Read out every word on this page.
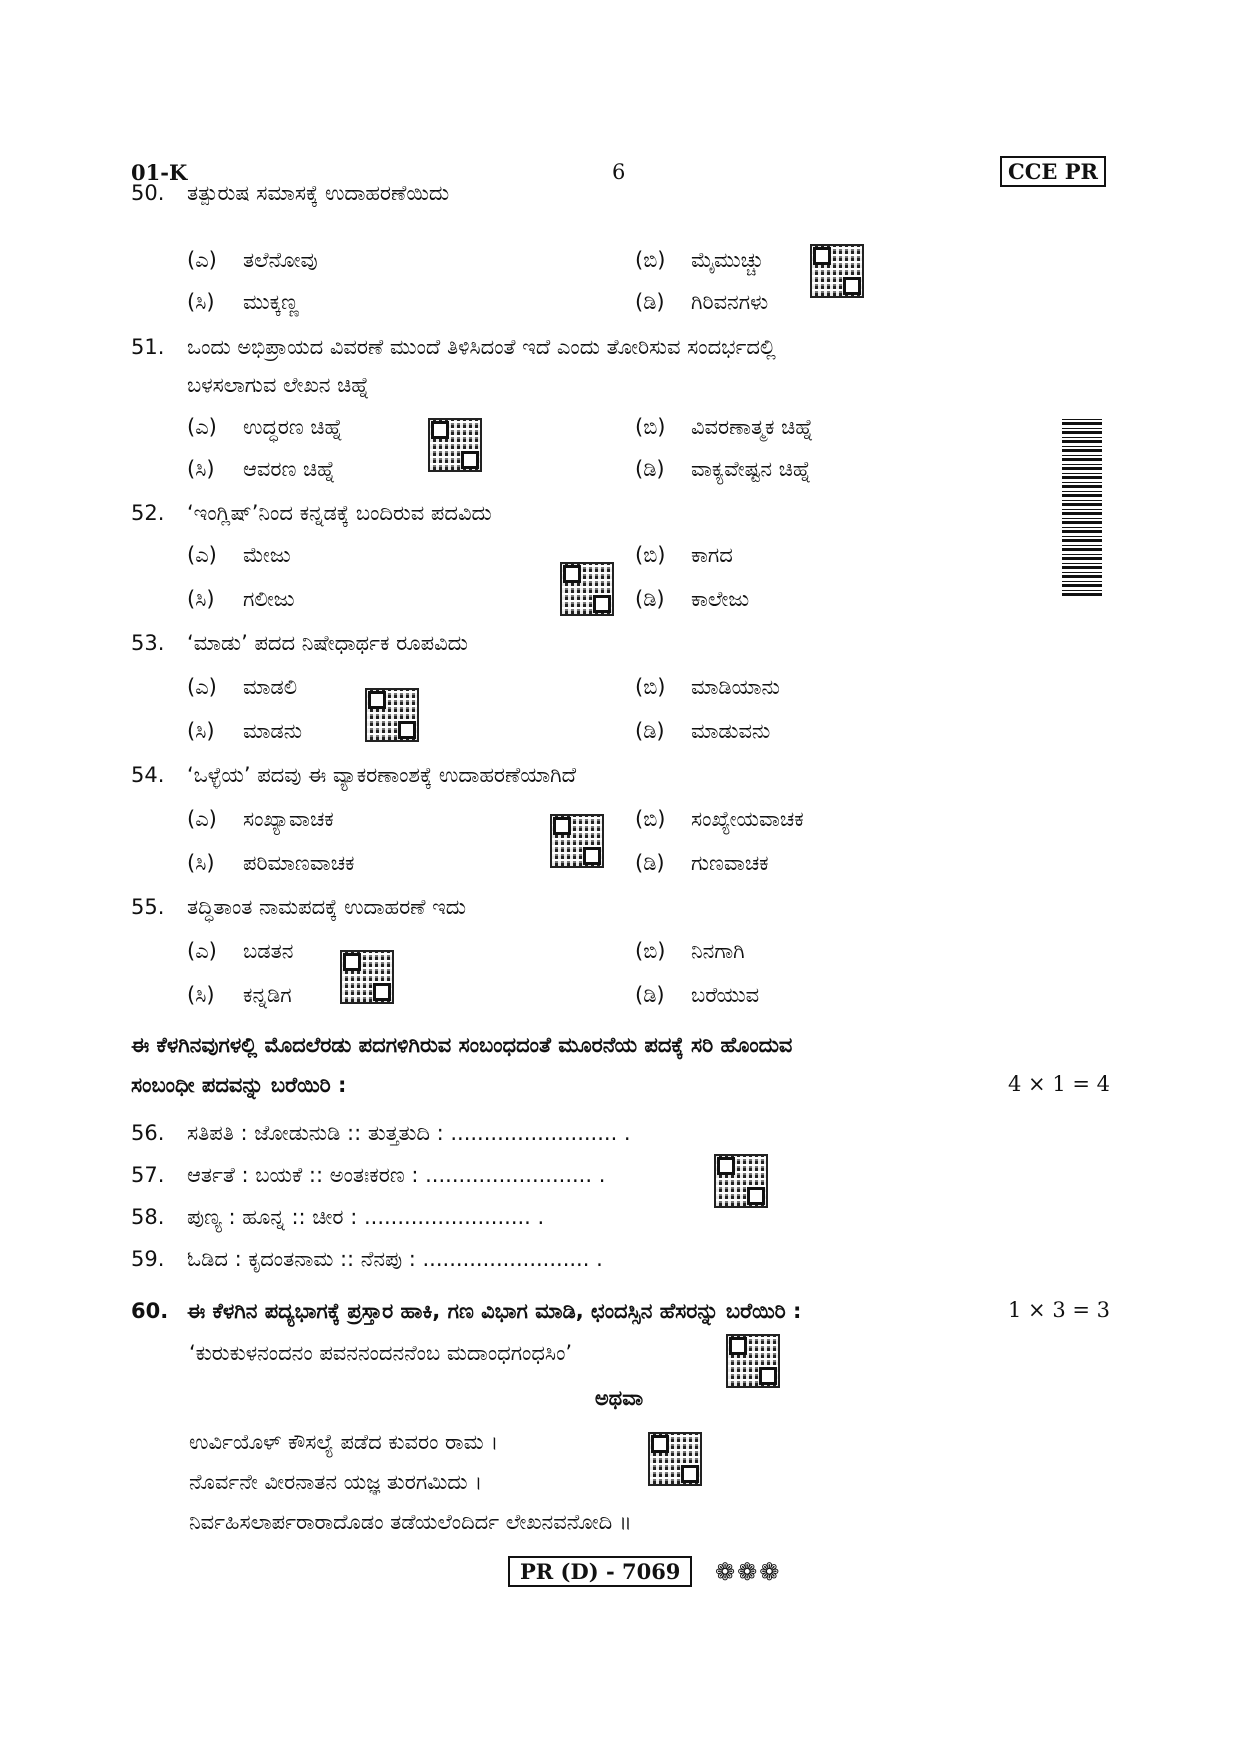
01-K	6	CCE PR
50. ತತ್ಪುರುಷ ಸಮಾಸಕ್ಕೆ ಉದಾಹರಣೆಯಿದು
(ಎ) ತಲೆನೋವು	(ಬಿ) ಮೈಮುಚ್ಚು
(ಸಿ) ಮುಕ್ಕಣ್ಣ	(ಡಿ) ಗಿರಿವನಗಳು
51. ಒಂದು ಅಭಿಪ್ರಾಯದ ವಿವರಣೆ ಮುಂದೆ ತಿಳಿಸಿದಂತೆ ಇದೆ ಎಂದು ತೋರಿಸುವ ಸಂದರ್ಭದಲ್ಲಿ
ಬಳಸಲಾಗುವ ಲೇಖನ ಚಿಹ್ನೆ
(ಎ) ಉದ್ಧರಣ ಚಿಹ್ನೆ	(ಬಿ) ವಿವರಣಾತ್ಮಕ ಚಿಹ್ನೆ
(ಸಿ) ಆವರಣ ಚಿಹ್ನೆ	(ಡಿ) ವಾಕ್ಯವೇಷ್ಟನ ಚಿಹ್ನೆ
52. ‘ಇಂಗ್ಲಿಷ್’ನಿಂದ ಕನ್ನಡಕ್ಕೆ ಬಂದಿರುವ ಪದವಿದು
(ಎ) ಮೇಜು	(ಬಿ) ಕಾಗದ
(ಸಿ) ಗಲೀಜು	(ಡಿ) ಕಾಲೇಜು
53. ‘ಮಾಡು’ ಪದದ ನಿಷೇಧಾರ್ಥಕ ರೂಪವಿದು
(ಎ) ಮಾಡಲಿ	(ಬಿ) ಮಾಡಿಯಾನು
(ಸಿ) ಮಾಡನು	(ಡಿ) ಮಾಡುವನು
54. ‘ಒಳ್ಳೆಯ’ ಪದವು ಈ ವ್ಯಾಕರಣಾಂಶಕ್ಕೆ ಉದಾಹರಣೆಯಾಗಿದೆ
(ಎ) ಸಂಖ್ಯಾವಾಚಕ	(ಬಿ) ಸಂಖ್ಯೇಯವಾಚಕ
(ಸಿ) ಪರಿಮಾಣವಾಚಕ	(ಡಿ) ಗುಣವಾಚಕ
55. ತದ್ಧಿತಾಂತ ನಾಮಪದಕ್ಕೆ ಉದಾಹರಣೆ ಇದು
(ಎ) ಬಡತನ	(ಬಿ) ನಿನಗಾಗಿ
(ಸಿ) ಕನ್ನಡಿಗ	(ಡಿ) ಬರೆಯುವ
ಈ ಕೆಳಗಿನವುಗಳಲ್ಲಿ ಮೊದಲೆರಡು ಪದಗಳಿಗಿರುವ ಸಂಬಂಧದಂತೆ ಮೂರನೆಯ ಪದಕ್ಕೆ ಸರಿ ಹೊಂದುವ
ಸಂಬಂಧೀ ಪದವನ್ನು ಬರೆಯಿರಿ :	4 × 1 = 4
56. ಸತಿಪತಿ : ಜೋಡುನುಡಿ :: ತುತ್ತತುದಿ : ......................... .
57. ಆರ್ತತೆ : ಬಯಕೆ :: ಅಂತಃಕರಣ : ......................... .
58. ಪುಣ್ಯ : ಹೂನ್ನ :: ಚೀರ : ......................... .
59. ಓಡಿದ : ಕೃದಂತನಾಮ :: ನೆನಪು : ......................... .
60. ಈ ಕೆಳಗಿನ ಪದ್ಯಭಾಗಕ್ಕೆ ಪ್ರಸ್ತಾರ ಹಾಕಿ, ಗಣ ವಿಭಾಗ ಮಾಡಿ, ಛಂದಸ್ಸಿನ ಹೆಸರನ್ನು ಬರೆಯಿರಿ :	1 × 3 = 3
‘ಕುರುಕುಳನಂದನಂ ಪವನನಂದನನೆಂಬ ಮದಾಂಧಗಂಧಸಿಂ’
ಅಥವಾ
ಉರ್ವಿಯೊಳ್ ಕೌಸಲ್ಯೆ ಪಡೆದ ಕುವರಂ ರಾಮ ।
ನೊರ್ವನೇ ವೀರನಾತನ ಯಜ್ಞ ತುರಗಮಿದು ।
ನಿರ್ವಹಿಸಲಾರ್ಪರಾರಾದೊಡಂ ತಡೆಯಲೆಂದಿರ್ದ ಲೇಖನವನೋದಿ ॥
PR (D) - 7069	❁❁❁
